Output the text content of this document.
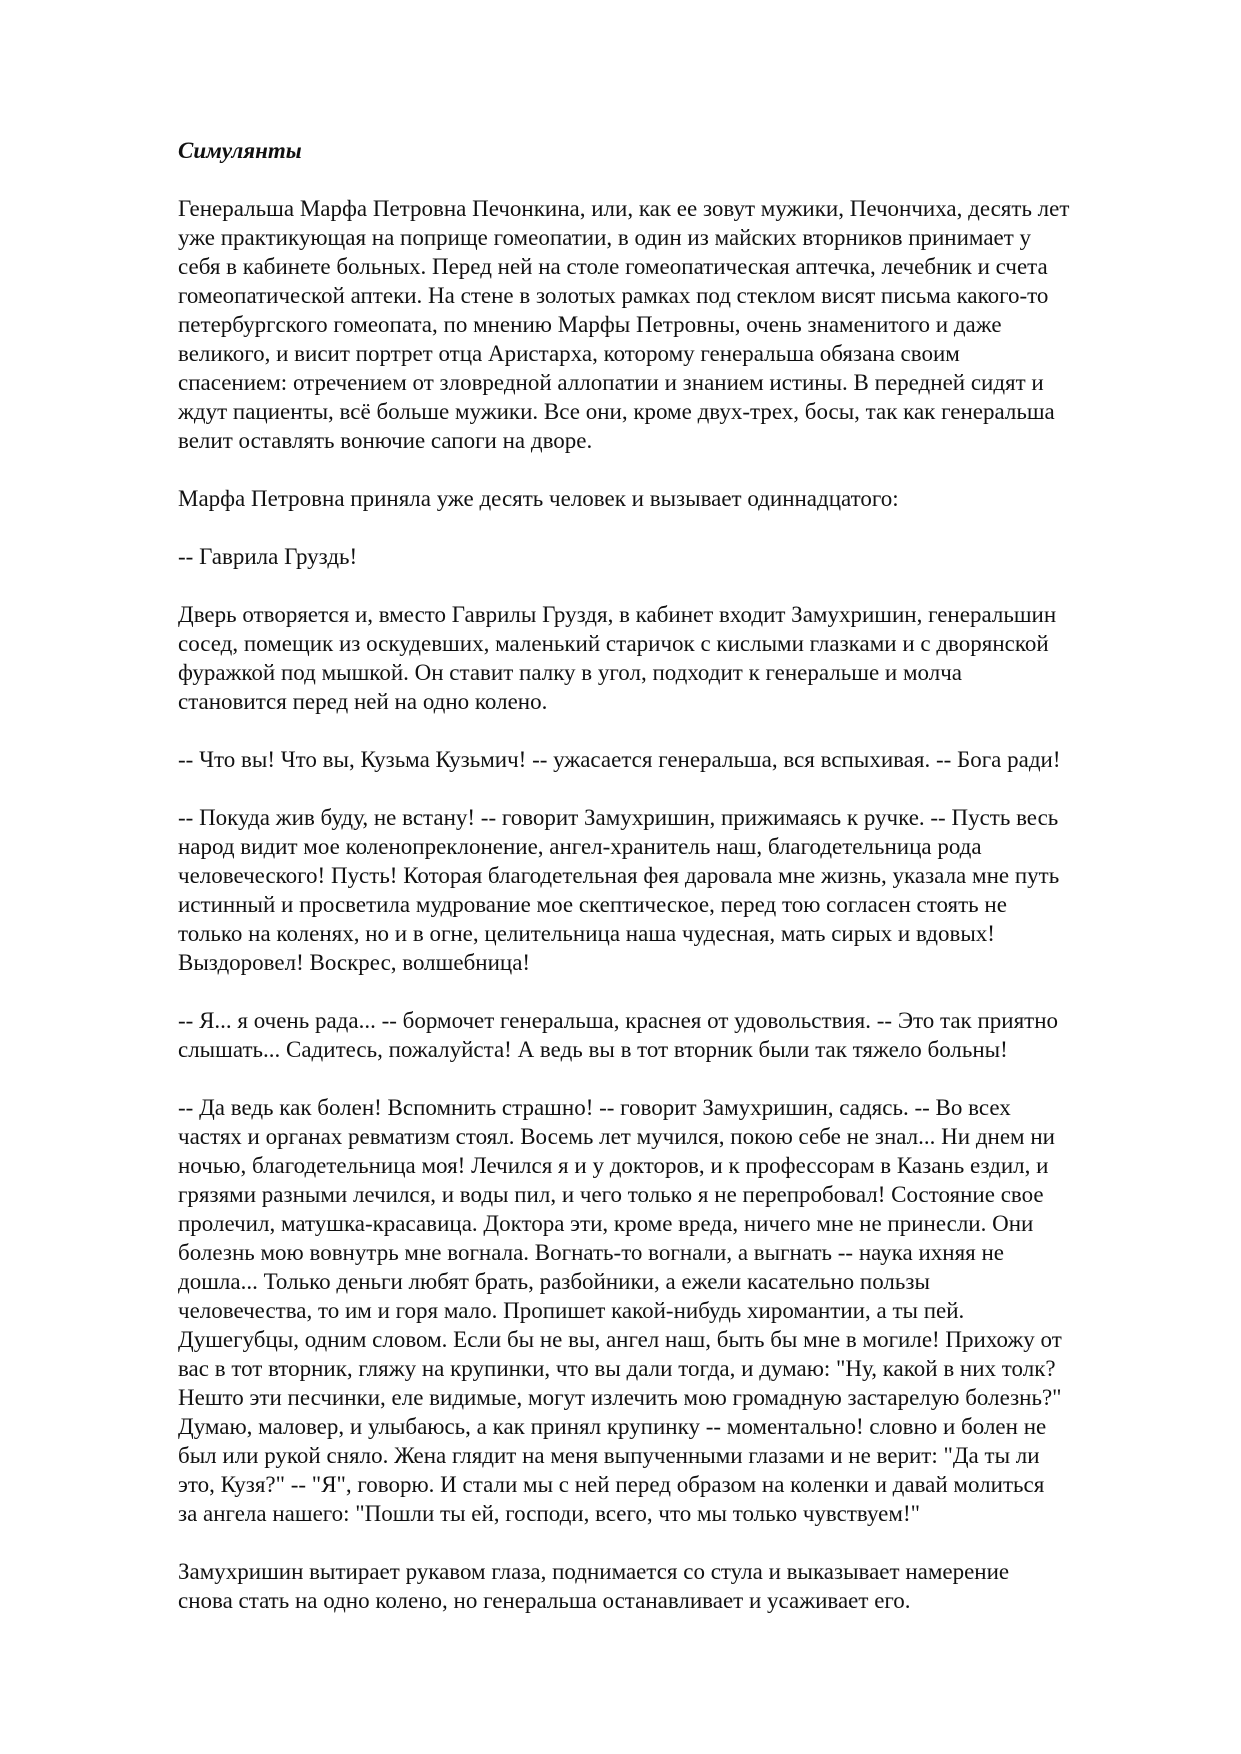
Симулянты
Генеральша Марфа Петровна Печонкина, или, как ее зовут мужики, Печончиха, десять лет
уже практикующая на поприще гомеопатии, в один из майских вторников принимает у
себя в кабинете больных. Перед ней на столе гомеопатическая аптечка, лечебник и счета
гомеопатической аптеки. На стене в золотых рамках под стеклом висят письма какого-то
петербургского гомеопата, по мнению Марфы Петровны, очень знаменитого и даже
великого, и висит портрет отца Аристарха, которому генеральша обязана своим
спасением: отречением от зловредной аллопатии и знанием истины. В передней сидят и
ждут пациенты, всё больше мужики. Все они, кроме двух-трех, босы, так как генеральша
велит оставлять вонючие сапоги на дворе.
Марфа Петровна приняла уже десять человек и вызывает одиннадцатого:
-- Гаврила Груздь!
Дверь отворяется и, вместо Гаврилы Груздя, в кабинет входит Замухришин, генеральшин
сосед, помещик из оскудевших, маленький старичок с кислыми глазками и с дворянской
фуражкой под мышкой. Он ставит палку в угол, подходит к генеральше и молча
становится перед ней на одно колено.
-- Что вы! Что вы, Кузьма Кузьмич! -- ужасается генеральша, вся вспыхивая. -- Бога ради!
-- Покуда жив буду, не встану! -- говорит Замухришин, прижимаясь к ручке. -- Пусть весь
народ видит мое коленопреклонение, ангел-хранитель наш, благодетельница рода
человеческого! Пусть! Которая благодетельная фея даровала мне жизнь, указала мне путь
истинный и просветила мудрование мое скептическое, перед тою согласен стоять не
только на коленях, но и в огне, целительница наша чудесная, мать сирых и вдовых!
Выздоровел! Воскрес, волшебница!
-- Я... я очень рада... -- бормочет генеральша, краснея от удовольствия. -- Это так приятно
слышать... Садитесь, пожалуйста! А ведь вы в тот вторник были так тяжело больны!
-- Да ведь как болен! Вспомнить страшно! -- говорит Замухришин, садясь. -- Во всех
частях и органах ревматизм стоял. Восемь лет мучился, покою себе не знал... Ни днем ни
ночью, благодетельница моя! Лечился я и у докторов, и к профессорам в Казань ездил, и
грязями разными лечился, и воды пил, и чего только я не перепробовал! Состояние свое
пролечил, матушка-красавица. Доктора эти, кроме вреда, ничего мне не принесли. Они
болезнь мою вовнутрь мне вогнала. Вогнать-то вогнали, а выгнать -- наука ихняя не
дошла... Только деньги любят брать, разбойники, а ежели касательно пользы
человечества, то им и горя мало. Пропишет какой-нибудь хиромантии, а ты пей.
Душегубцы, одним словом. Если бы не вы, ангел наш, быть бы мне в могиле! Прихожу от
вас в тот вторник, гляжу на крупинки, что вы дали тогда, и думаю: "Ну, какой в них толк?
Нешто эти песчинки, еле видимые, могут излечить мою громадную застарелую болезнь?"
Думаю, маловер, и улыбаюсь, а как принял крупинку -- моментально! словно и болен не
был или рукой сняло. Жена глядит на меня выпученными глазами и не верит: "Да ты ли
это, Кузя?" -- "Я", говорю. И стали мы с ней перед образом на коленки и давай молиться
за ангела нашего: "Пошли ты ей, господи, всего, что мы только чувствуем!"
Замухришин вытирает рукавом глаза, поднимается со стула и выказывает намерение
снова стать на одно колено, но генеральша останавливает и усаживает его.
